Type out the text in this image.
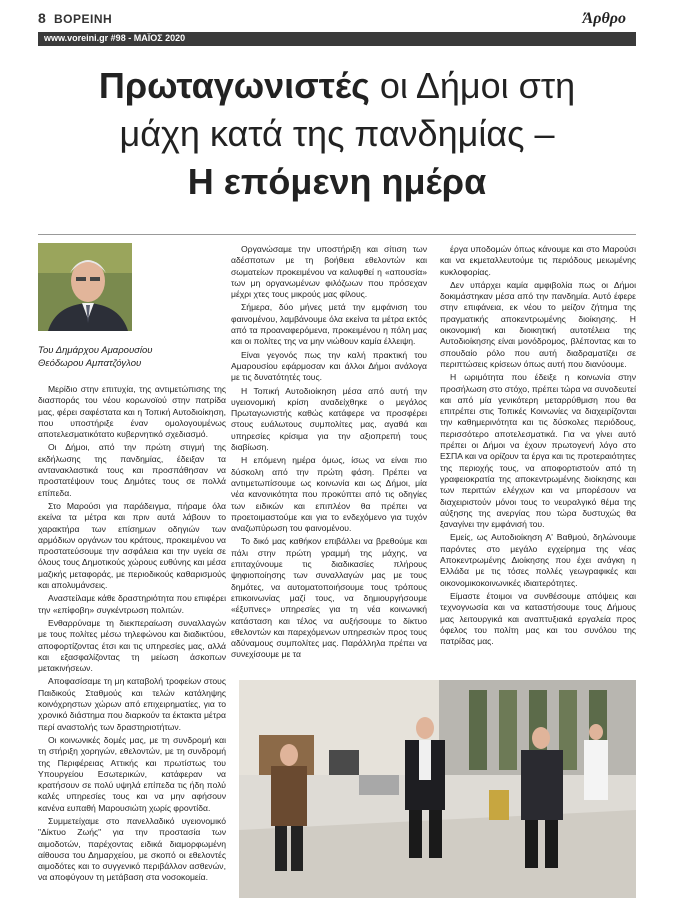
8 ΒΟΡΕΙΝΗ	Άρθρο
www.voreini.gr #98 - ΜΑΪΟΣ 2020
Πρωταγωνιστές οι Δήμοι στη
μάχη κατά της πανδημίας –
Η επόμενη ημέρα
Του Δημάρχου Αμαρουσίου
Θεόδωρου Αμπατζόγλου

Μερίδιο στην επιτυχία, της αντιμετώπισης της διασποράς του νέου κορωνοϊού στην πατρίδα μας, φέρει σαφέστατα και η Τοπική Αυτοδιοίκηση, που υποστήριξε έναν ομολογουμένως αποτελεσματικότατο κυβερνητικό σχεδιασμό.

Οι Δήμοι, από την πρώτη στιγμή της εκδήλωσης της πανδημίας, έδειξαν τα αντανακλαστικά τους και προσπάθησαν να προστατέψουν τους Δημότες τους σε πολλά επίπεδα.

Στο Μαρούσι για παράδειγμα, πήραμε όλα εκείνα τα μέτρα και πριν αυτά λάβουν το χαρακτήρα των επίσημων οδηγιών των αρμόδιων οργάνων του κράτους, προκειμένου να προστατεύσουμε την ασφάλεια και την υγεία σε όλους τους Δημοτικούς χώρους ευθύνης και μέσα μαζικής μεταφοράς, με περιοδικούς καθαρισμούς και απολυμάνσεις.

Αναστείλαμε κάθε δραστηριότητα που επιφέρει την «επίφοβη» συγκέντρωση πολιτών.

Ενθαρρύναμε τη διεκπεραίωση συναλλαγών με τους πολίτες μέσω τηλεφώνου και διαδικτύου, αποφορτίζοντας έτσι και τις υπηρεσίες μας, αλλά και εξασφαλίζοντας τη μείωση άσκοπων μετακινήσεων.

Αποφασίσαμε τη μη καταβολή τροφείων στους Παιδικούς Σταθμούς και τελών κατάληψης κοινόχρηστων χώρων από επιχειρηματίες, για το χρονικό διάστημα που διαρκούν τα έκτακτα μέτρα περί αναστολής των δραστηριοτήτων.

Οι κοινωνικές δομές μας, με τη συνδρομή και τη στήριξη χορηγών, εθελοντών, με τη συνδρομή της Περιφέρειας Αττικής και πρωτίστως του Υπουργείου Εσωτερικών, κατάφεραν να κρατήσουν σε πολύ υψηλά επίπεδα τις ήδη πολύ καλές υπηρεσίες τους και να μην αφήσουν κανένα ευπαθή Μαρουσιώτη χωρίς φροντίδα.

Συμμετείχαμε στο πανελλαδικό υγειονομικό "Δίκτυο Ζωής" για την προστασία των αιμοδοτών, παρέχοντας ειδικά διαμορφωμένη αίθουσα του Δημαρχείου, με σκοπό οι εθελοντές αιμοδότες και το συγγενικό περιβάλλον ασθενών, να αποφύγουν τη μετάβαση στα νοσοκομεία.

Οργανώσαμε την υποστήριξη και σίτιση των αδέσποτων με τη βοήθεια εθελοντών και σωματείων προκειμένου να καλυφθεί η «απουσία» των μη οργανωμένων φιλόζωων που πρόσεχαν μέχρι χτες τους μικρούς μας φίλους.

Σήμερα, δύο μήνες μετά την εμφάνιση του φαινομένου, λαμβάνουμε όλα εκείνα τα μέτρα εκτός από τα προαναφερόμενα, προκειμένου η πόλη μας και οι πολίτες της να μην νιώθουν καμία έλλειψη.

Είναι γεγονός πως την καλή πρακτική του Αμαρουσίου εφάρμοσαν και άλλοι Δήμοι ανάλογα με τις δυνατότητές τους.

Η Τοπική Αυτοδιοίκηση μέσα από αυτή την υγειονομική κρίση αναδείχθηκε ο μεγάλος Πρωταγωνιστής καθώς κατάφερε να προσφέρει στους ευάλωτους συμπολίτες μας, αγαθά και υπηρεσίες κρίσιμα για την αξιοπρεπή τους διαβίωση.

Η επόμενη ημέρα όμως, ίσως να είναι πιο δύσκολη από την πρώτη φάση. Πρέπει να αντιμετωπίσουμε ως κοινωνία και ως Δήμοι, μία νέα κανονικότητα που προκύπτει από τις οδηγίες των ειδικών και επιπλέον θα πρέπει να προετοιμαστούμε και για το ενδεχόμενο για τυχόν αναζωπύρωση του φαινομένου.

Το δικό μας καθήκον επιβάλλει να βρεθούμε και πάλι στην πρώτη γραμμή της μάχης, να επιταχύνουμε τις διαδικασίες πλήρους ψηφιοποίησης των συναλλαγών μας με τους δημότες, να αυτοματοποιήσουμε τους τρόπους επικοινωνίας μαζί τους, να δημιουργήσουμε «έξυπνες» υπηρεσίες για τη νέα κοινωνική κατάσταση και τέλος να αυξήσουμε το δίκτυο εθελοντών και παρεχόμενων υπηρεσιών προς τους αδύναμους συμπολίτες μας. Παράλληλα πρέπει να συνεχίσουμε με τα

έργα υποδομών όπως κάνουμε και στο Μαρούσι και να εκμεταλλευτούμε τις περιόδους μειωμένης κυκλοφορίας.

Δεν υπάρχει καμία αμφιβολία πως οι Δήμοι δοκιμάστηκαν μέσα από την πανδημία. Αυτό έφερε στην επιφάνεια, εκ νέου το μείζον ζήτημα της πραγματικής αποκεντρωμένης διοίκησης. Η οικονομική και διοικητική αυτοτέλεια της Αυτοδιοίκησης είναι μονόδρομος, βλέποντας και το σπουδαίο ρόλο που αυτή διαδραματίζει σε περιπτώσεις κρίσεων όπως αυτή που διανύουμε.

Η ωριμότητα που έδειξε η κοινωνία στην προσήλωση στο στόχο, πρέπει τώρα να συνοδευτεί και από μία γενικότερη μεταρρύθμιση που θα επιτρέπει στις Τοπικές Κοινωνίες να διαχειρίζονται την καθημερινότητα και τις δύσκολες περιόδους, περισσότερο αποτελεσματικά. Για να γίνει αυτό πρέπει οι Δήμοι να έχουν πρωτογενή λόγο στο ΕΣΠΑ και να ορίζουν τα έργα και τις προτεραιότητες της περιοχής τους, να αποφορτιστούν από τη γραφειοκρατία της αποκεντρωμένης διοίκησης και των περιττών ελέγχων και να μπορέσουν να διαχειριστούν μόνοι τους το νευραλγικό θέμα της αύξησης της ανεργίας που τώρα δυστυχώς θα ξαναγίνει την εμφάνισή του.

Εμείς, ως Αυτοδιοίκηση Α' Βαθμού, δηλώνουμε παρόντες στο μεγάλο εγχείρημα της νέας Αποκεντρωμένης Διοίκησης που έχει ανάγκη η Ελλάδα με τις τόσες πολλές γεωγραφικές και οικονομικοκοινωνικές ιδιαιτερότητες.

Είμαστε έτοιμοι να συνθέσουμε απόψεις και τεχνογνωσία και να καταστήσουμε τους Δήμους μας λειτουργικά και αναπτυξιακά εργαλεία προς όφελος του πολίτη μας και του συνόλου της πατρίδας μας.
